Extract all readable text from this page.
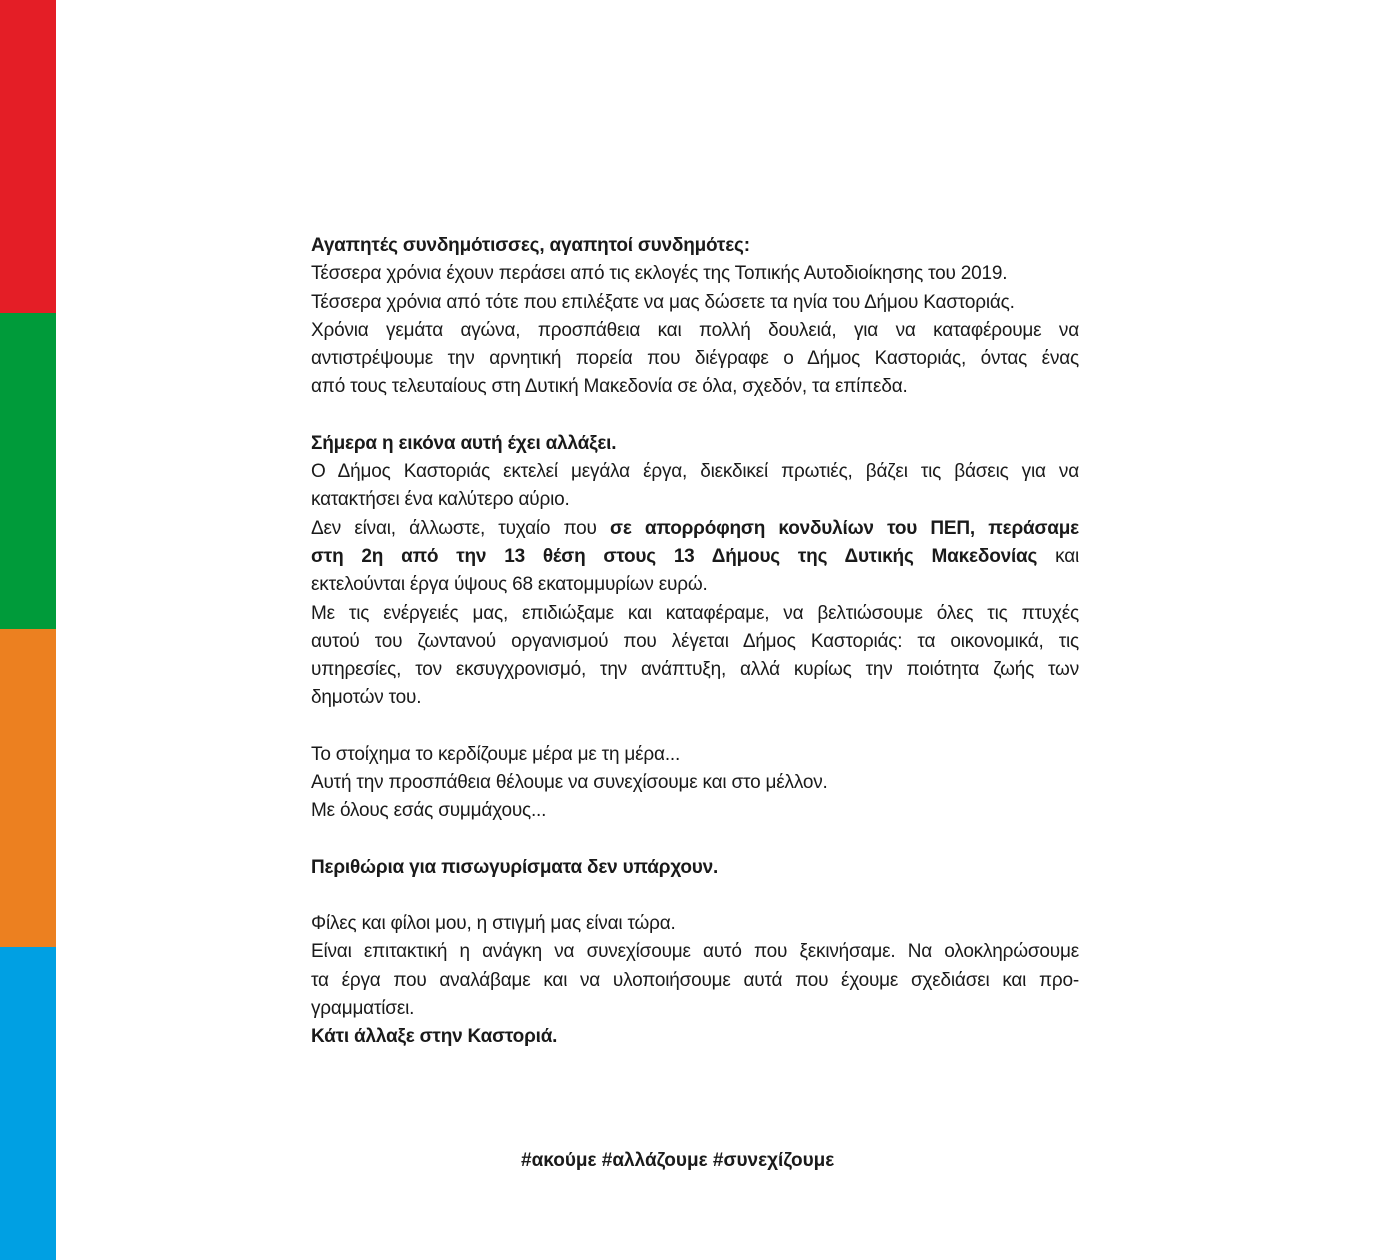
Αγαπητές συνδημότισσες, αγαπητοί συνδημότες:

Τέσσερα χρόνια έχουν περάσει από τις εκλογές της Τοπικής Αυτοδιοίκησης του 2019.
Τέσσερα χρόνια από τότε που επιλέξατε να μας δώσετε τα ηνία του Δήμου Καστοριάς.
Χρόνια γεμάτα αγώνα, προσπάθεια και πολλή δουλειά, για να καταφέρουμε να
αντιστρέψουμε την αρνητική πορεία που διέγραφε ο Δήμος Καστοριάς, όντας ένας
από τους τελευταίους στη Δυτική Μακεδονία σε όλα, σχεδόν, τα επίπεδα.

Σήμερα η εικόνα αυτή έχει αλλάξει.

Ο Δήμος Καστοριάς εκτελεί μεγάλα έργα, διεκδικεί πρωτιές, βάζει τις βάσεις για να
κατακτήσει ένα καλύτερο αύριο.
Δεν είναι, άλλωστε, τυχαίο που σε απορρόφηση κονδυλίων του ΠΕΠ, περάσαμε
στη 2η από την 13 θέση στους 13 Δήμους της Δυτικής Μακεδονίας και
εκτελούνται έργα ύψους 68 εκατομμυρίων ευρώ.
Με τις ενέργειές μας, επιδιώξαμε και καταφέραμε, να βελτιώσουμε όλες τις πτυχές
αυτού του ζωντανού οργανισμού που λέγεται Δήμος Καστοριάς: τα οικονομικά, τις
υπηρεσίες, τον εκσυγχρονισμό, την ανάπτυξη, αλλά κυρίως την ποιότητα ζωής των
δημοτών του.
Το στοίχημα το κερδίζουμε μέρα με τη μέρα...
Αυτή την προσπάθεια θέλουμε να συνεχίσουμε και στο μέλλον.
Με όλους εσάς συμμάχους...

Περιθώρια για πισωγυρίσματα δεν υπάρχουν.

Φίλες και φίλοι μου, η στιγμή μας είναι τώρα.
Είναι επιτακτική η ανάγκη να συνεχίσουμε αυτό που ξεκινήσαμε. Να ολοκληρώσουμε
τα έργα που αναλάβαμε και να υλοποιήσουμε αυτά που έχουμε σχεδιάσει και προ-
γραμματίσει.

Κάτι άλλαξε στην Καστοριά.

#ακούμε #αλλάζουμε #συνεχίζουμε
